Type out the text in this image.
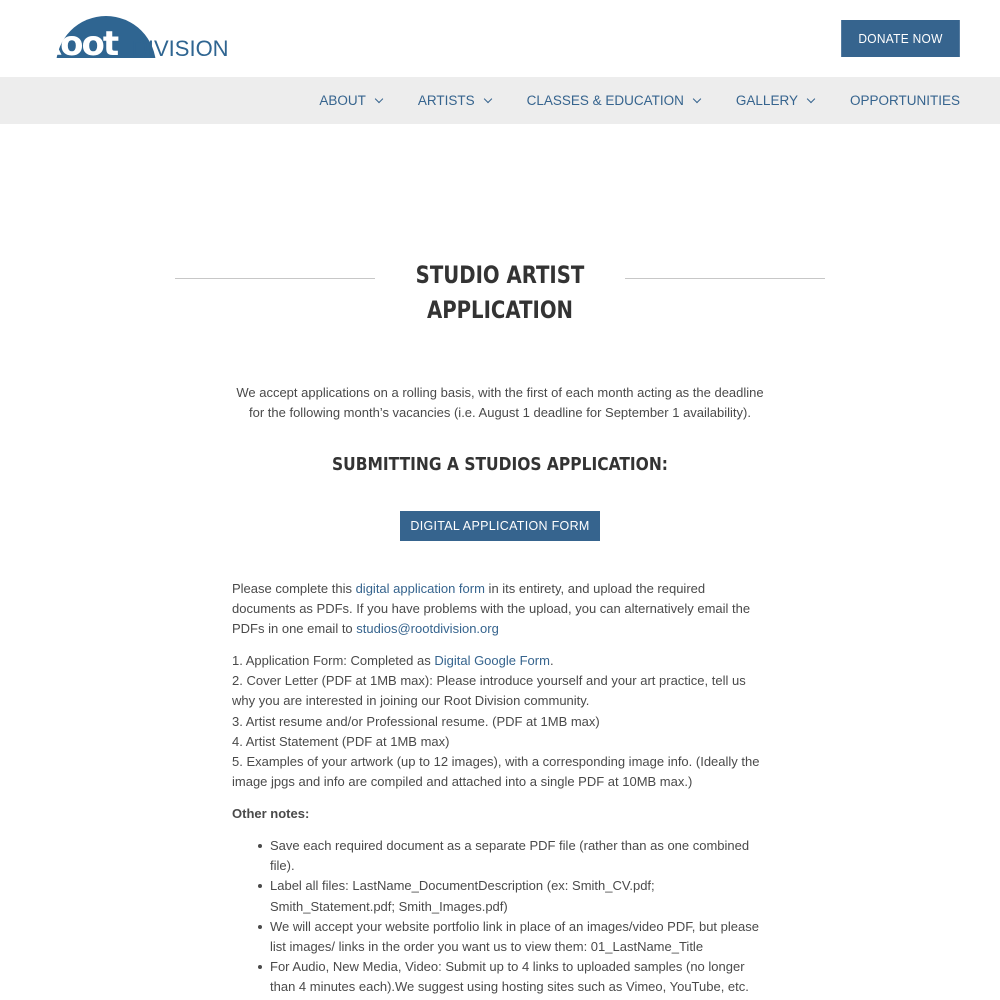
Root DIVISION	DONATE NOW
ABOUT	ARTISTS	CLASSES & EDUCATION	GALLERY	OPPORTUNITIES
STUDIO ARTIST
APPLICATION

We accept applications on a rolling basis, with the first of each month acting as the deadline for the following month’s vacancies (i.e. August 1 deadline for September 1 availability).

SUBMITTING A STUDIOS APPLICATION:
DIGITAL APPLICATION FORM

Please complete this digital application form in its entirety, and upload the required documents as PDFs. If you have problems with the upload, you can alternatively email the PDFs in one email to studios@rootdivision.org

1. Application Form: Completed as Digital Google Form.
2. Cover Letter (PDF at 1MB max): Please introduce yourself and your art practice, tell us why you are interested in joining our Root Division community.
3. Artist resume and/or Professional resume. (PDF at 1MB max)
4. Artist Statement (PDF at 1MB max)
5. Examples of your artwork (up to 12 images), with a corresponding image info. (Ideally the image jpgs and info are compiled and attached into a single PDF at 10MB max.)

Other notes:

Save each required document as a separate PDF file (rather than as one combined file).
Label all files: LastName_DocumentDescription (ex: Smith_CV.pdf; Smith_Statement.pdf; Smith_Images.pdf)
We will accept your website portfolio link in place of an images/video PDF, but please list images/ links in the order you want us to view them: 01_LastName_Title
For Audio, New Media, Video: Submit up to 4 links to uploaded samples (no longer than 4 minutes each).We suggest using hosting sites such as Vimeo, YouTube, etc.
